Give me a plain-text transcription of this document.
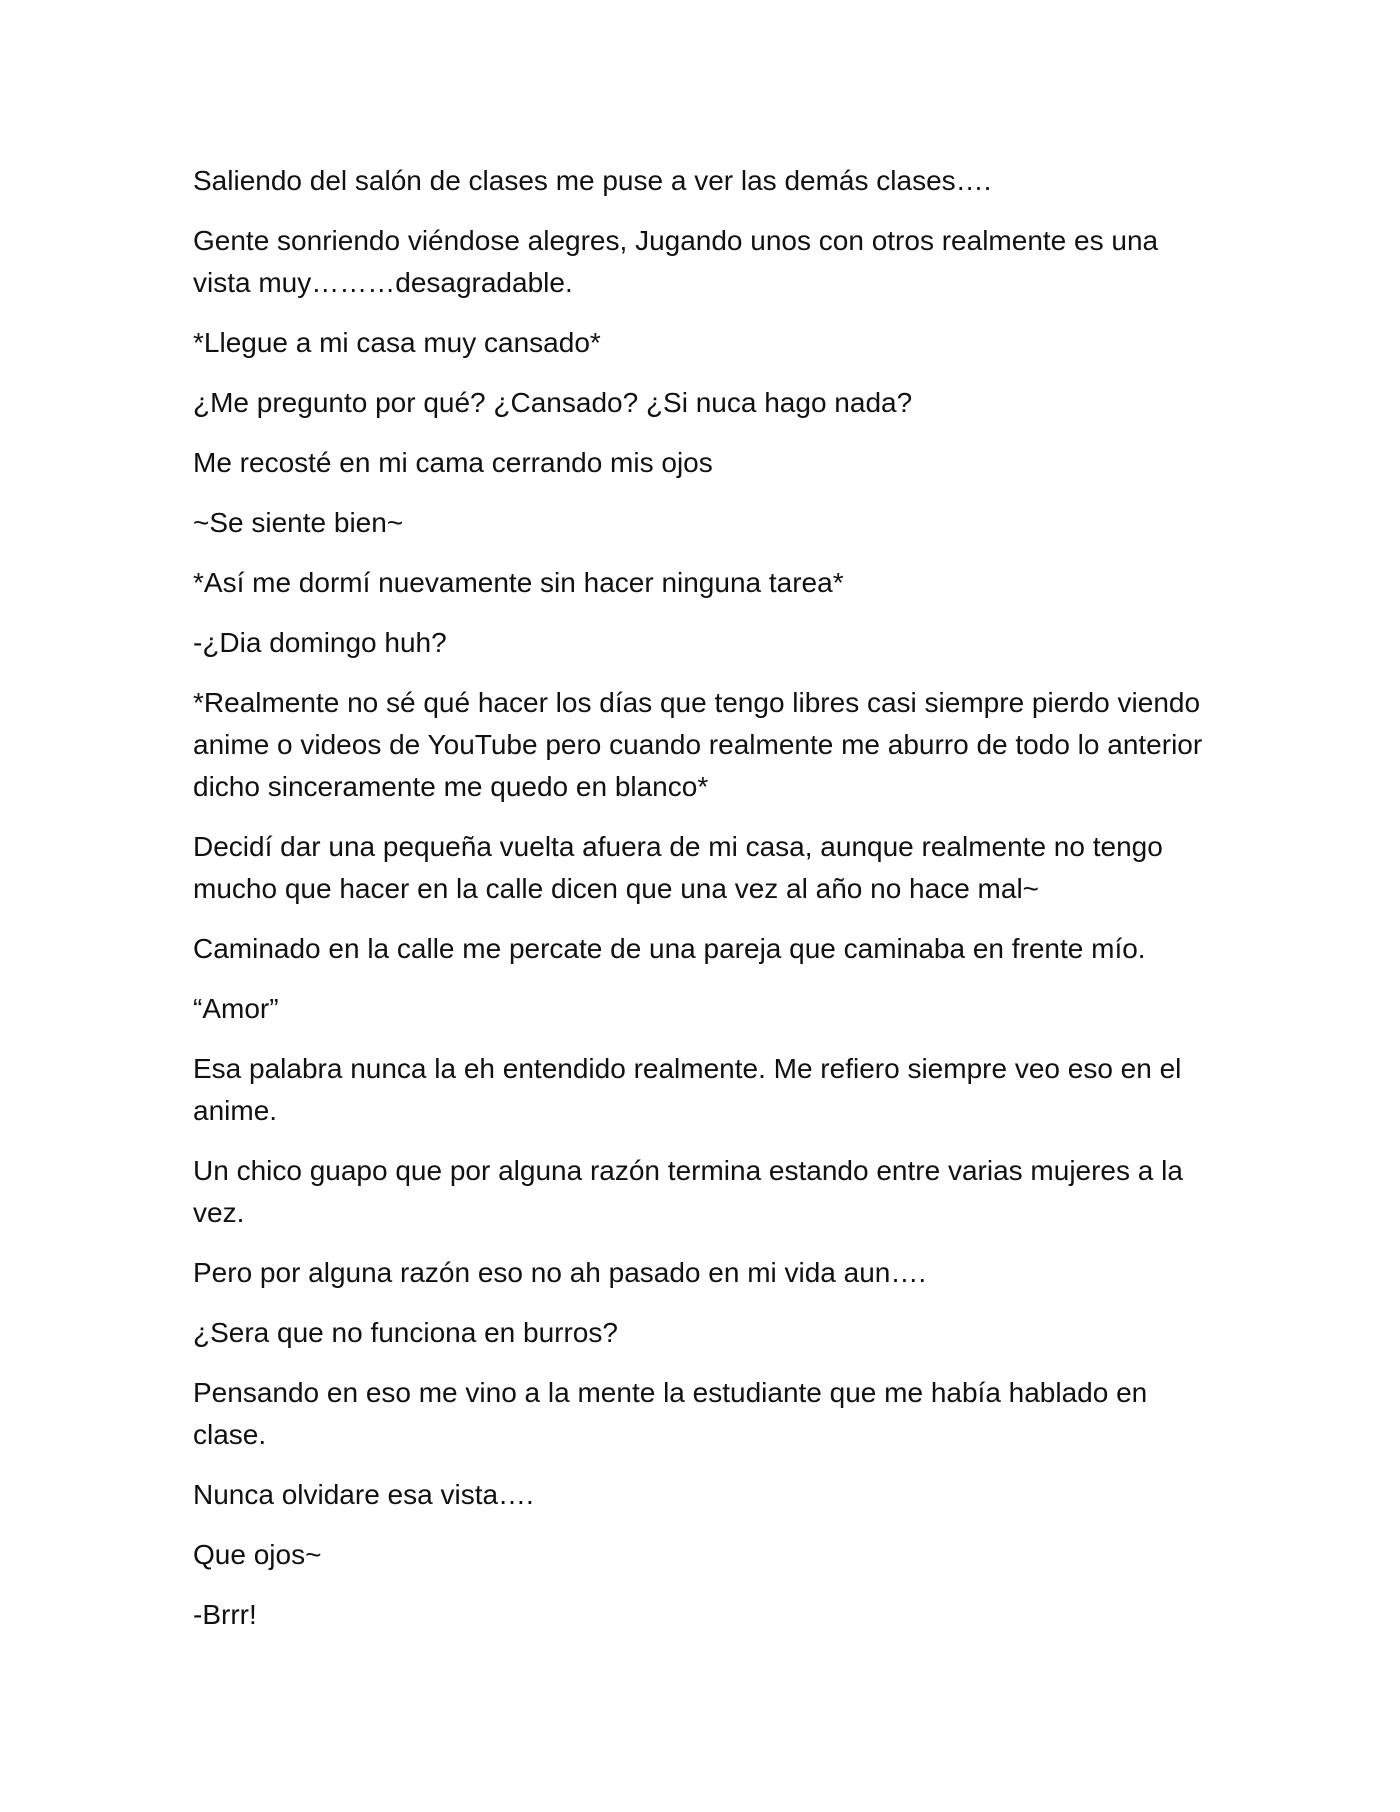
Saliendo del salón de clases me puse a ver las demás clases….

Gente sonriendo viéndose alegres, Jugando unos con otros realmente es una vista muy………desagradable.

*Llegue a mi casa muy cansado*

¿Me pregunto por qué? ¿Cansado? ¿Si nuca hago nada?

Me recosté en mi cama cerrando mis ojos

~Se siente bien~

*Así me dormí nuevamente sin hacer ninguna tarea*

-¿Dia domingo huh?

*Realmente no sé qué hacer los días que tengo libres casi siempre pierdo viendo anime o videos de YouTube pero cuando realmente me aburro de todo lo anterior dicho sinceramente me quedo en blanco*

Decidí dar una pequeña vuelta afuera de mi casa, aunque realmente no tengo mucho que hacer en la calle dicen que una vez al año no hace mal~

Caminado en la calle me percate de una pareja que caminaba en frente mío.

“Amor”

Esa palabra nunca la eh entendido realmente. Me refiero siempre veo eso en el anime.

Un chico guapo que por alguna razón termina estando entre varias mujeres a la vez.

Pero por alguna razón eso no ah pasado en mi vida aun….

¿Sera que no funciona en burros?

Pensando en eso me vino a la mente la estudiante que me había hablado en clase.

Nunca olvidare esa vista….

Que ojos~

-Brrr!
